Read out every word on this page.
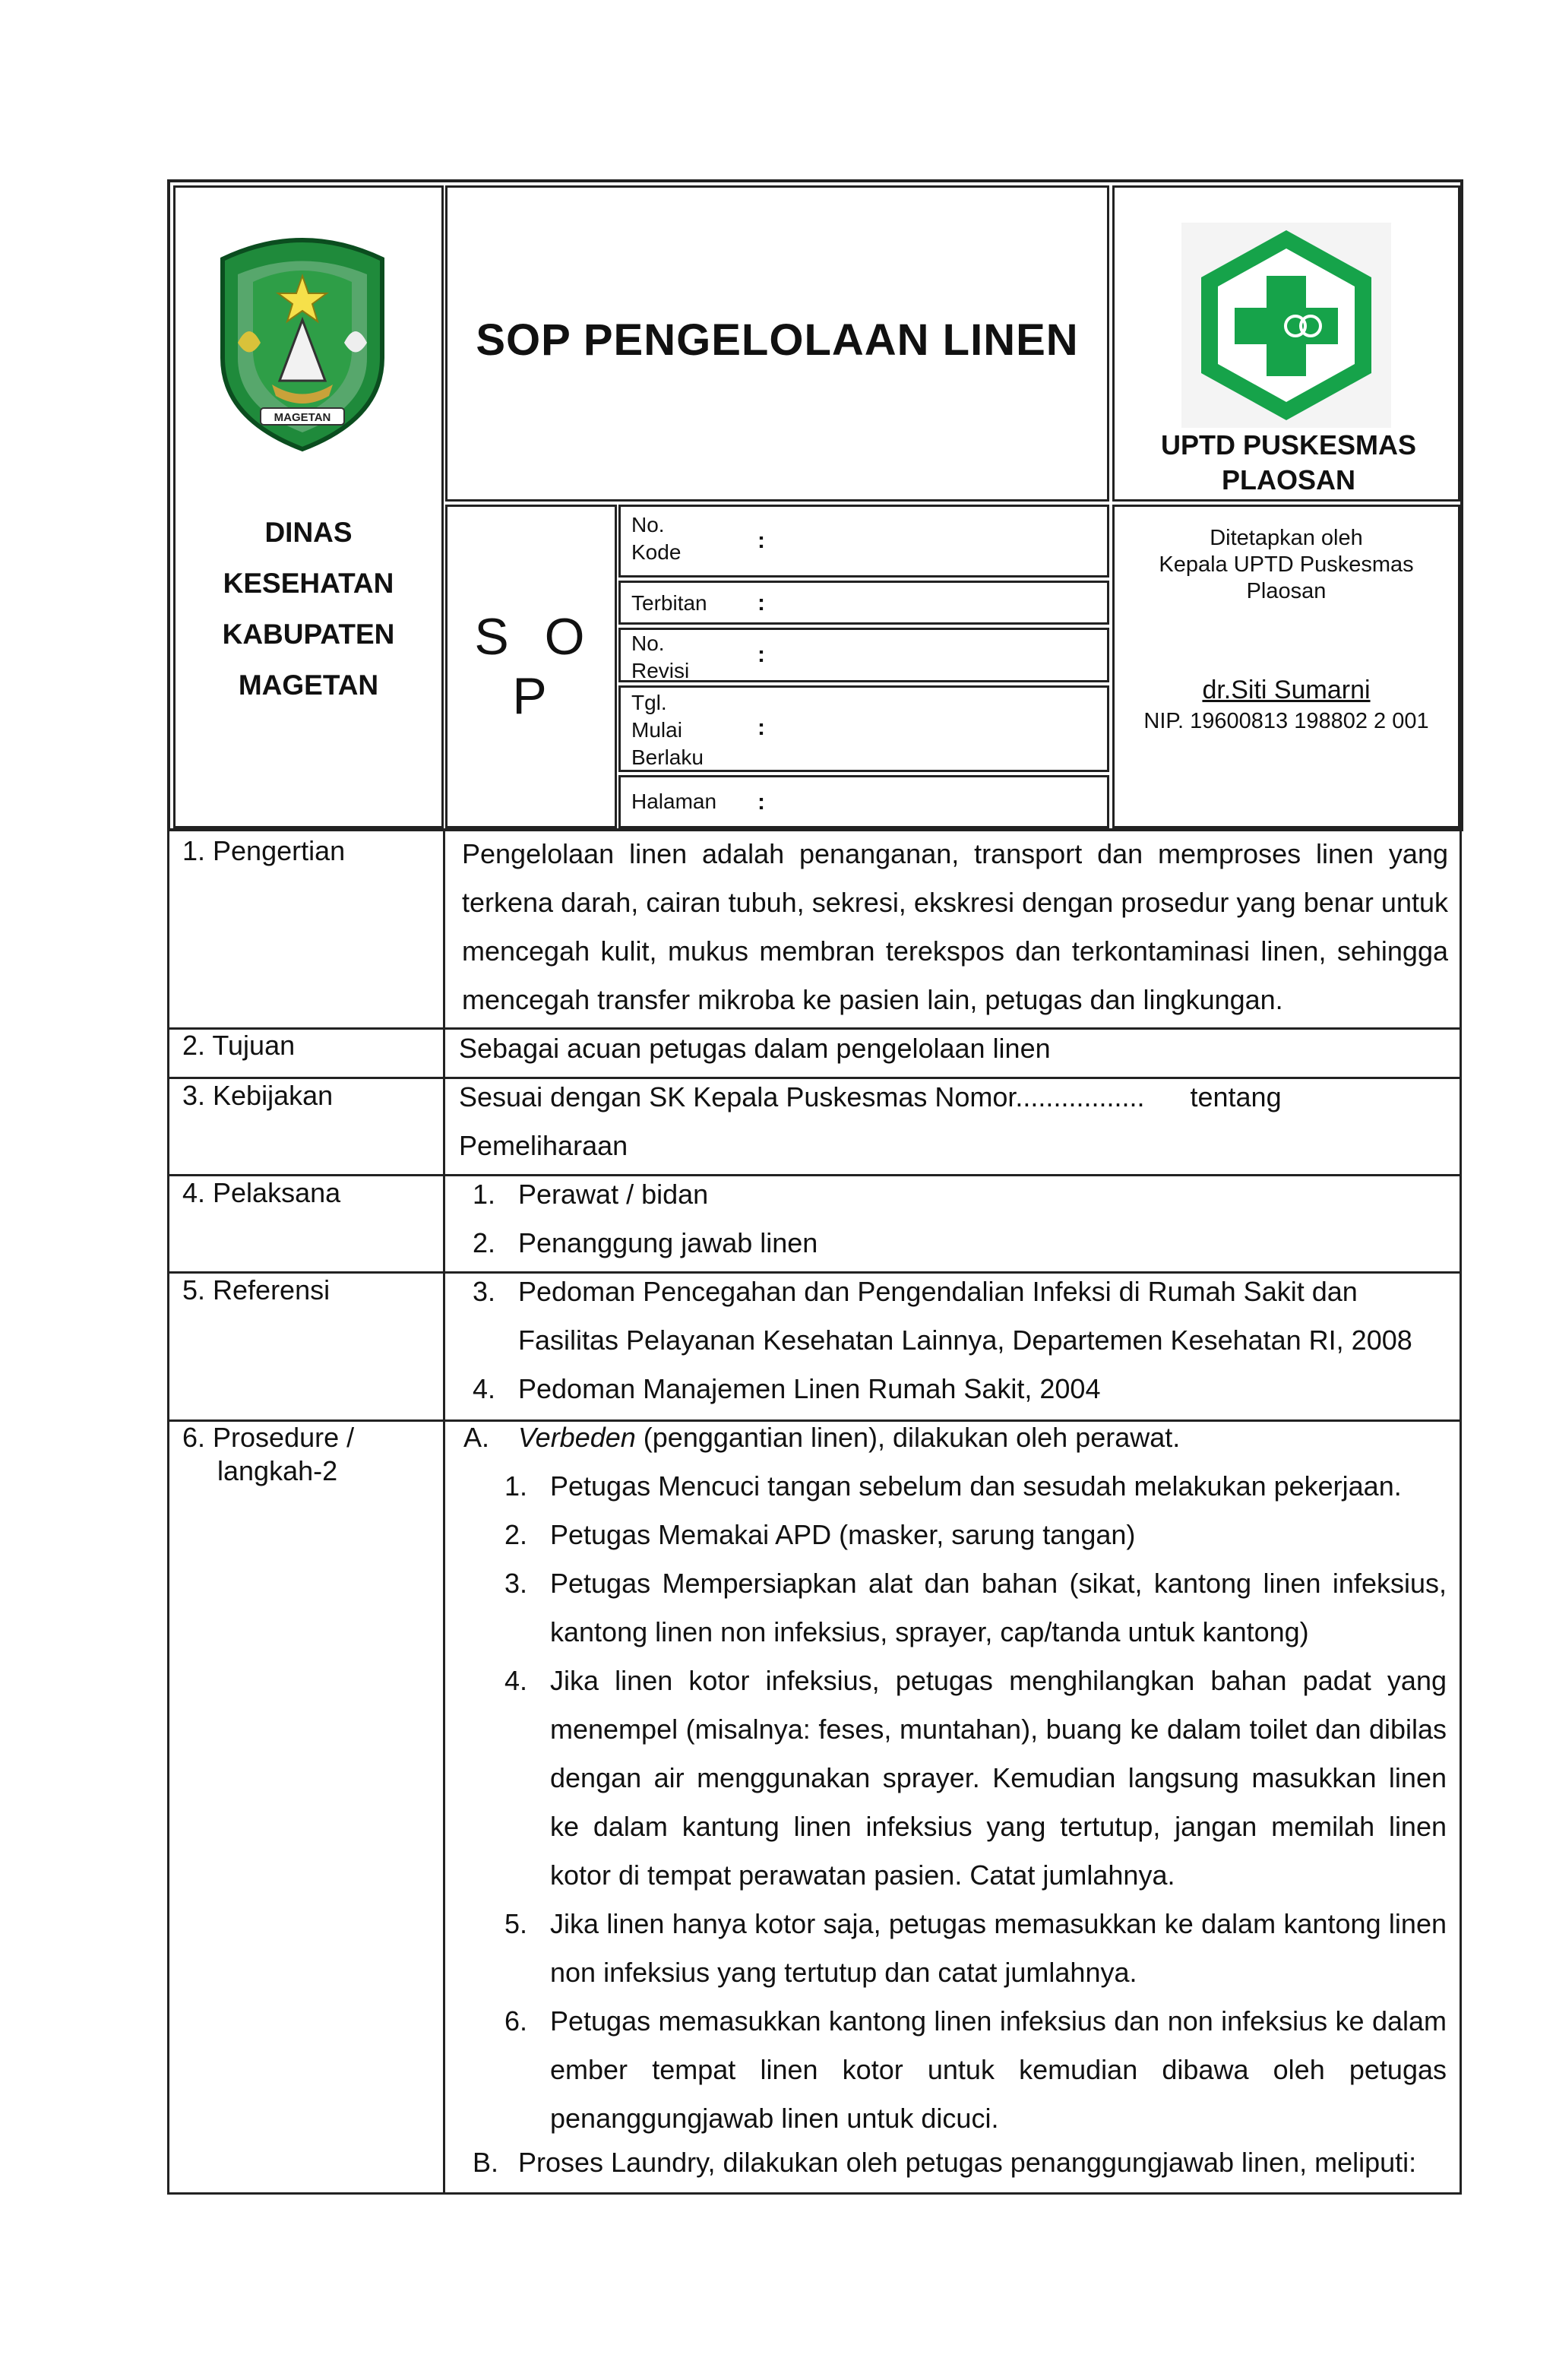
MAGETAN
DINAS
KESEHATAN
KABUPATEN
MAGETAN
SOP PENGELOLAAN LINEN
S O P
No. Kode	:
Terbitan :
No. Revisi
:
Tgl. Mulai Berlaku
:
Halaman :
UPTD PUSKESMAS PLAOSAN
Ditetapkan oleh
Kepala UPTD Puskesmas
Plaosan
dr.Siti Sumarni
NIP. 19600813 198802 2 001
1. Pengertian	Pengelolaan linen adalah penanganan, transport dan memproses linen yang terkena darah, cairan tubuh, sekresi, ekskresi dengan prosedur yang benar untuk mencegah kulit, mukus membran terekspos dan terkontaminasi linen, sehingga mencegah transfer mikroba ke pasien lain, petugas dan lingkungan.
2. Tujuan	Sebagai acuan petugas dalam pengelolaan linen
3. Kebijakan	Sesuai dengan SK Kepala Puskesmas Nomor.................      tentang Pemeliharaan
4. Pelaksana	1. Perawat / bidan
2. Penanggung jawab linen
5. Referensi	3. Pedoman Pencegahan dan Pengendalian Infeksi di Rumah Sakit dan Fasilitas Pelayanan Kesehatan Lainnya, Departemen Kesehatan RI, 2008
4. Pedoman Manajemen Linen Rumah Sakit, 2004
6. Prosedure / langkah-2
A. Verbeden (penggantian linen), dilakukan oleh perawat.
1. Petugas Mencuci tangan sebelum dan sesudah melakukan pekerjaan.
2. Petugas Memakai APD (masker, sarung tangan)
3. Petugas Mempersiapkan alat dan bahan (sikat, kantong linen infeksius, kantong linen non infeksius, sprayer, cap/tanda untuk kantong)
4. Jika linen kotor infeksius, petugas menghilangkan bahan padat yang menempel (misalnya: feses, muntahan), buang ke dalam toilet dan dibilas dengan air menggunakan sprayer. Kemudian langsung masukkan linen ke dalam kantung linen infeksius yang tertutup, jangan memilah linen kotor di tempat perawatan pasien. Catat jumlahnya.
5. Jika linen hanya kotor saja, petugas memasukkan ke dalam kantong linen non infeksius yang tertutup dan catat jumlahnya.
6. Petugas memasukkan kantong linen infeksius dan non infeksius ke dalam ember tempat linen kotor untuk kemudian dibawa oleh petugas penanggungjawab linen untuk dicuci.
B. Proses Laundry, dilakukan oleh petugas penanggungjawab linen, meliputi:
